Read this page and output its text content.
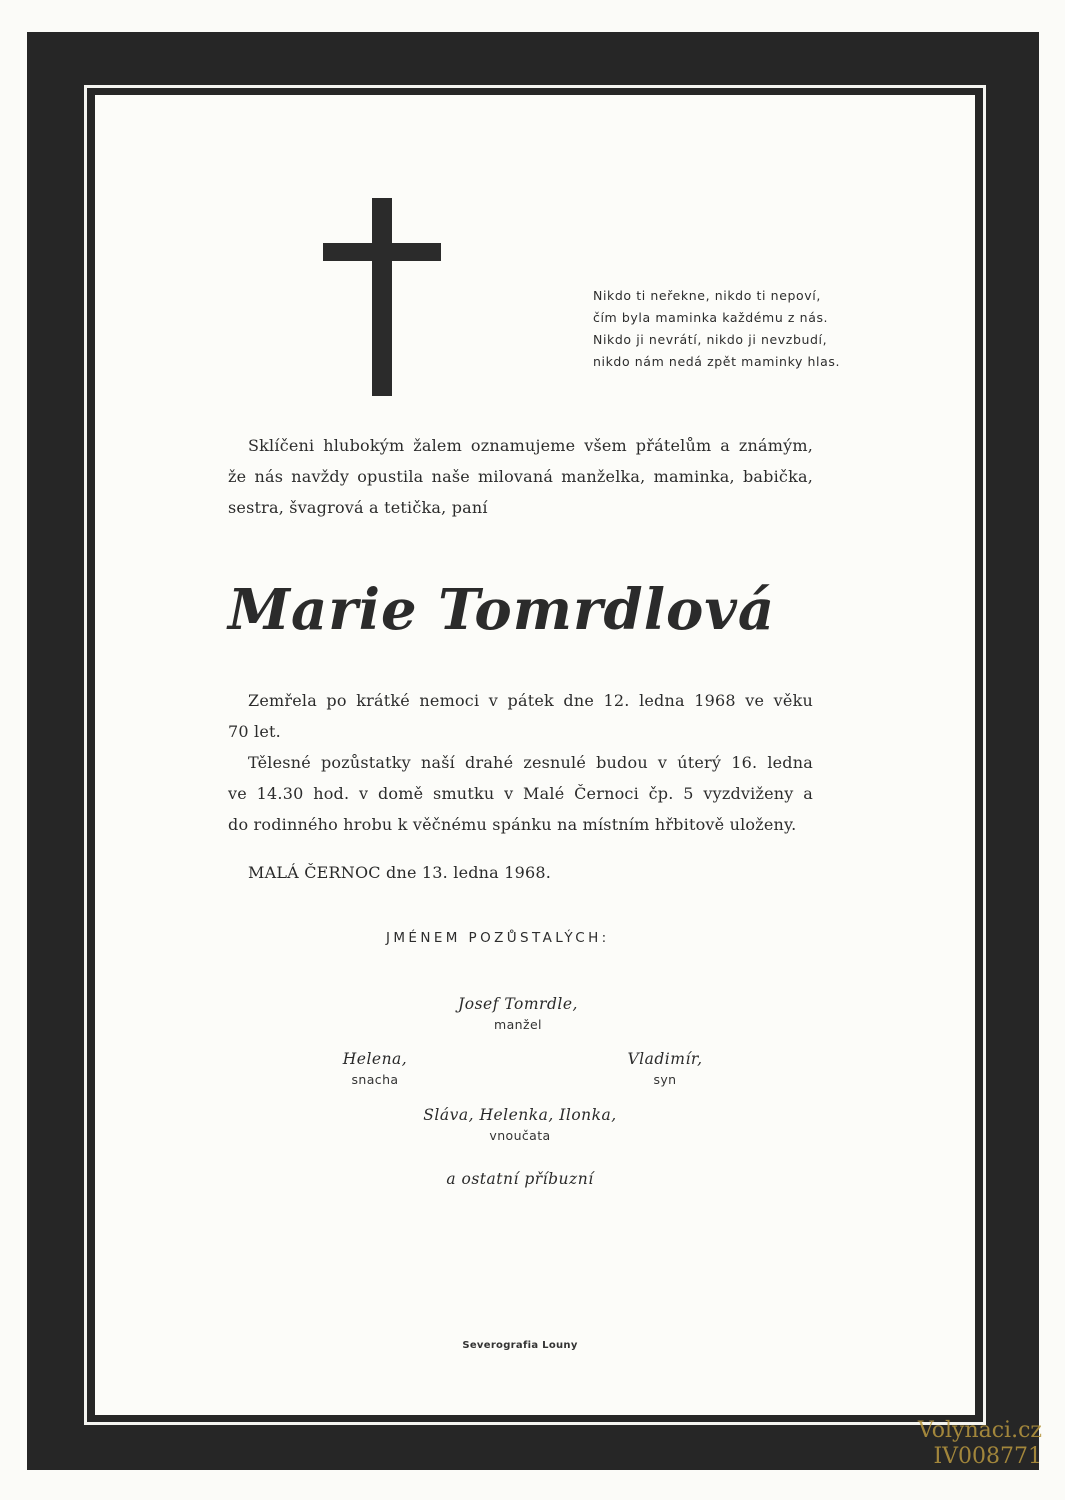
Nikdo ti neřekne, nikdo ti nepoví,
čím byla maminka každému z nás.
Nikdo ji nevrátí, nikdo ji nevzbudí,
nikdo nám nedá zpět maminky hlas.
Sklíčeni hlubokým žalem oznamujeme všem přátelům a známým,
že nás navždy opustila naše milovaná manželka, maminka, babička,
sestra, švagrová a tetička, paní
Marie Tomrdlová
Zemřela po krátké nemoci v pátek dne 12. ledna 1968 ve věku
70 let.
Tělesné pozůstatky naší drahé zesnulé budou v úterý 16. ledna
ve 14.30 hod. v domě smutku v Malé Černoci čp. 5 vyzdviženy a
do rodinného hrobu k věčnému spánku na místním hřbitově uloženy.
MALÁ ČERNOC dne 13. ledna 1968.
JMÉNEM POZŮSTALÝCH:
Josef Tomrdle,
manžel
Helena,
snacha
Vladimír,
syn
Sláva, Helenka, Ilonka,
vnoučata
a ostatní příbuzní
Severografia Louny
Volynaci.cz
IV008771
